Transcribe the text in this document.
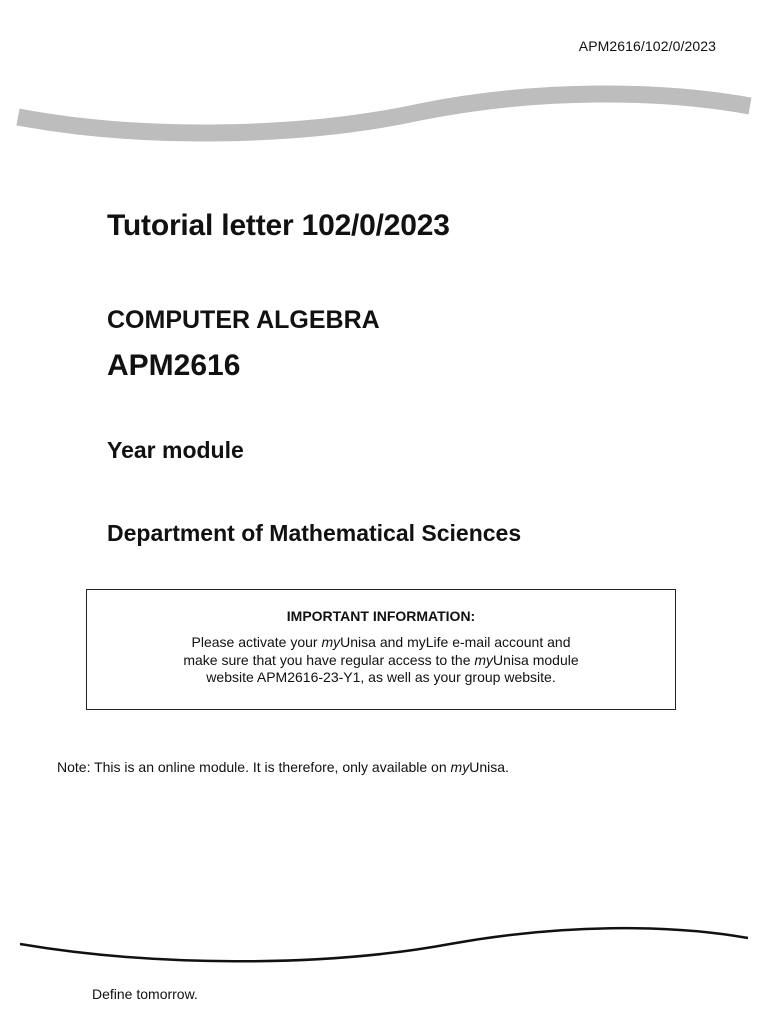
APM2616/102/0/2023
Tutorial letter 102/0/2023
COMPUTER ALGEBRA
APM2616
Year module
Department of Mathematical Sciences

IMPORTANT INFORMATION:

Please activate your myUnisa and myLife e-mail account and
make sure that you have regular access to the myUnisa module
website APM2616-23-Y1, as well as your group website.

Note: This is an online module. It is therefore, only available on myUnisa.

Define tomorrow.
